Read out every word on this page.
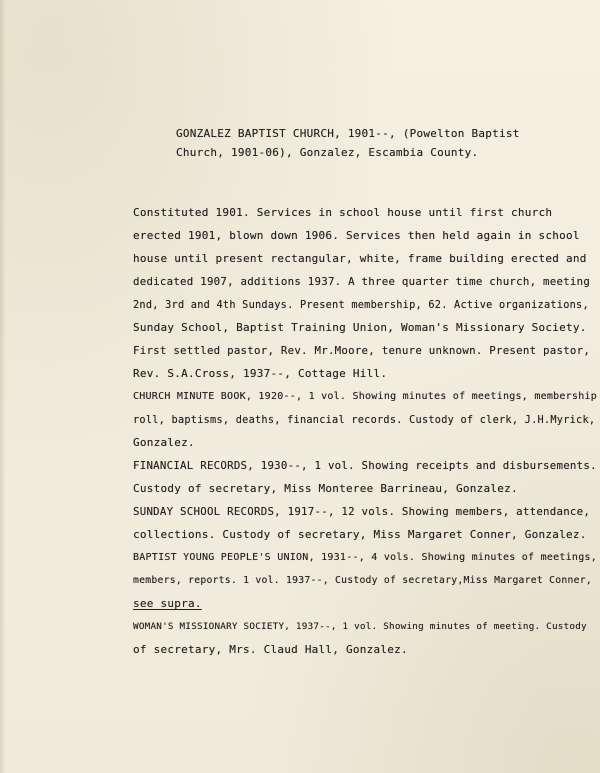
GONZALEZ BAPTIST CHURCH, 1901--, (Powelton Baptist Church, 1901-06), Gonzalez, Escambia County.
Constituted 1901. Services in school house until first church
erected 1901, blown down 1906. Services then held again in school
house until present rectangular, white, frame building erected and
dedicated 1907, additions 1937. A three quarter time church, meeting
2nd, 3rd and 4th Sundays. Present membership, 62. Active organizations,
Sunday School, Baptist Training Union, Woman's Missionary Society.
First settled pastor, Rev. Mr.Moore, tenure unknown. Present pastor,
Rev. S.A.Cross, 1937--, Cottage Hill.
CHURCH MINUTE BOOK, 1920--, 1 vol. Showing minutes of meetings, membership
roll, baptisms, deaths, financial records. Custody of clerk, J.H.Myrick,
Gonzalez.
FINANCIAL RECORDS, 1930--, 1 vol. Showing receipts and disbursements.
Custody of secretary, Miss Monteree Barrineau, Gonzalez.
SUNDAY SCHOOL RECORDS, 1917--, 12 vols. Showing members, attendance,
collections. Custody of secretary, Miss Margaret Conner, Gonzalez.
BAPTIST YOUNG PEOPLE'S UNION, 1931--, 4 vols. Showing minutes of meetings,
members, reports. 1 vol. 1937--, Custody of secretary,Miss Margaret Conner,
see supra.
WOMAN'S MISSIONARY SOCIETY, 1937--, 1 vol. Showing minutes of meeting. Custody
of secretary, Mrs. Claud Hall, Gonzalez.
